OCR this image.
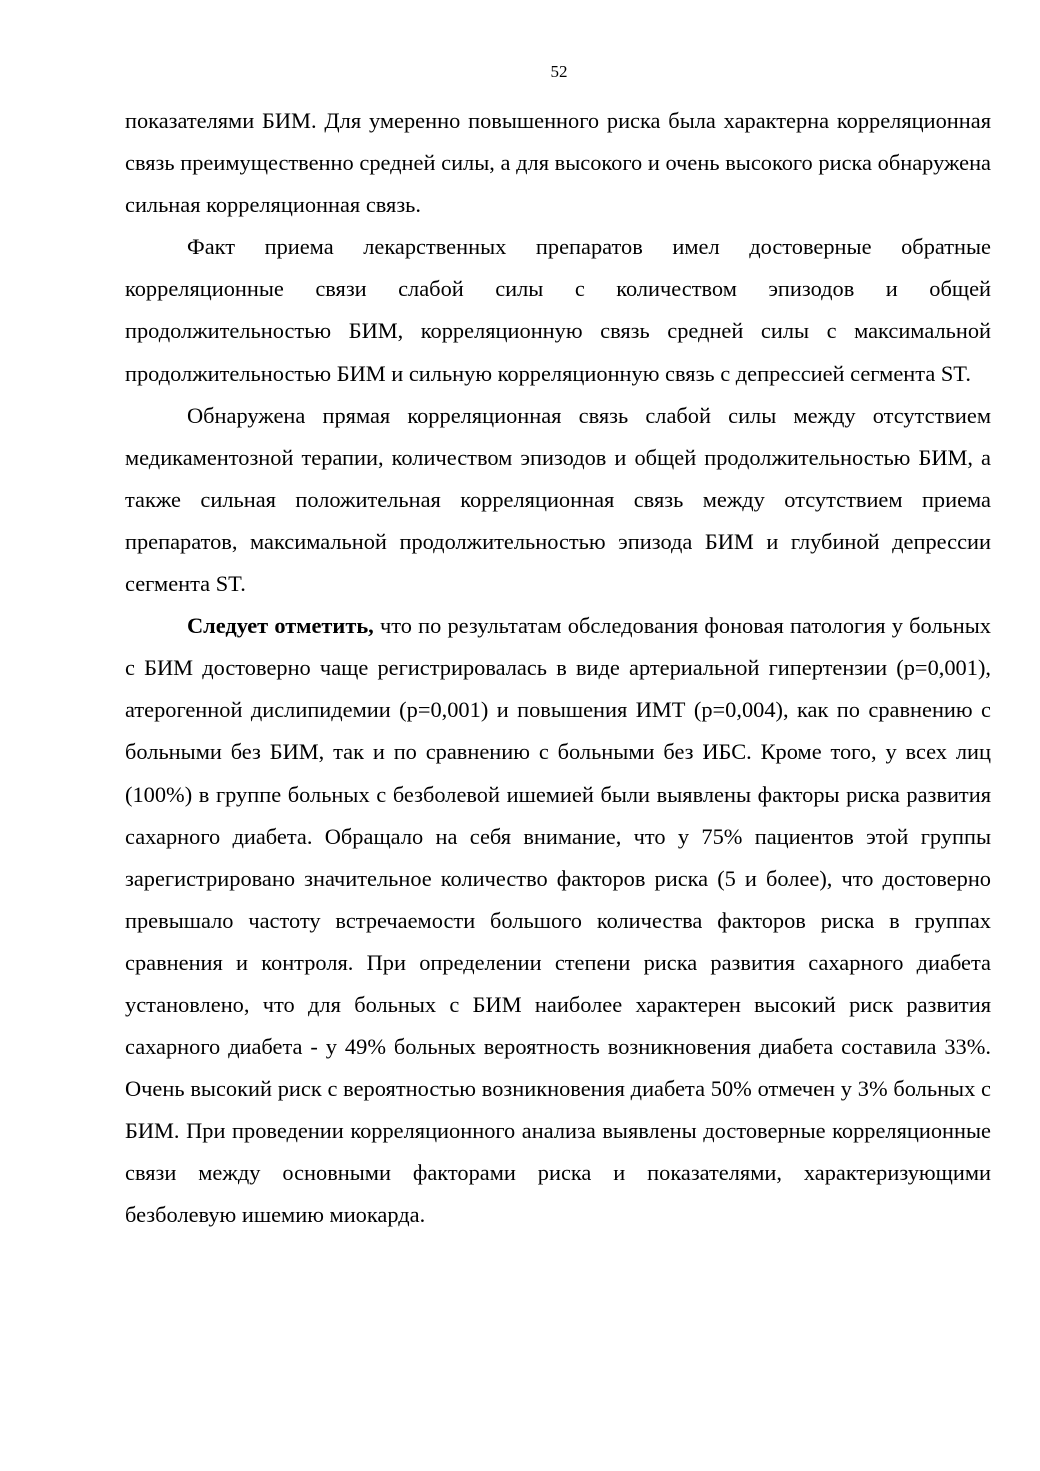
52

показателями БИМ. Для умеренно повышенного риска была характерна корреляционная связь преимущественно средней силы, а для высокого и очень высокого риска обнаружена сильная корреляционная связь.

Факт приема лекарственных препаратов имел достоверные обратные корреляционные связи слабой силы с количеством эпизодов и общей продолжительностью БИМ, корреляционную связь средней силы с максимальной продолжительностью БИМ и сильную корреляционную связь с депрессией сегмента ST.

Обнаружена прямая корреляционная связь слабой силы между отсутствием медикаментозной терапии, количеством эпизодов и общей продолжительностью БИМ, а также сильная положительная корреляционная связь между отсутствием приема препаратов, максимальной продолжительностью эпизода БИМ и глубиной депрессии сегмента ST.

Следует отметить, что по результатам обследования фоновая патология у больных с БИМ достоверно чаще регистрировалась в виде артериальной гипертензии (р=0,001), атерогенной дислипидемии (р=0,001) и повышения ИМТ (р=0,004), как по сравнению с больными без БИМ, так и по сравнению с больными без ИБС. Кроме того, у всех лиц (100%) в группе больных с безболевой ишемией были выявлены факторы риска развития сахарного диабета. Обращало на себя внимание, что у 75% пациентов этой группы зарегистрировано значительное количество факторов риска (5 и более), что достоверно превышало частоту встречаемости большого количества факторов риска в группах сравнения и контроля. При определении степени риска развития сахарного диабета установлено, что для больных с БИМ наиболее характерен высокий риск развития сахарного диабета - у 49% больных вероятность возникновения диабета составила 33%. Очень высокий риск с вероятностью возникновения диабета 50% отмечен у 3% больных с БИМ. При проведении корреляционного анализа выявлены достоверные корреляционные связи между основными факторами риска и показателями, характеризующими безболевую ишемию миокарда.
